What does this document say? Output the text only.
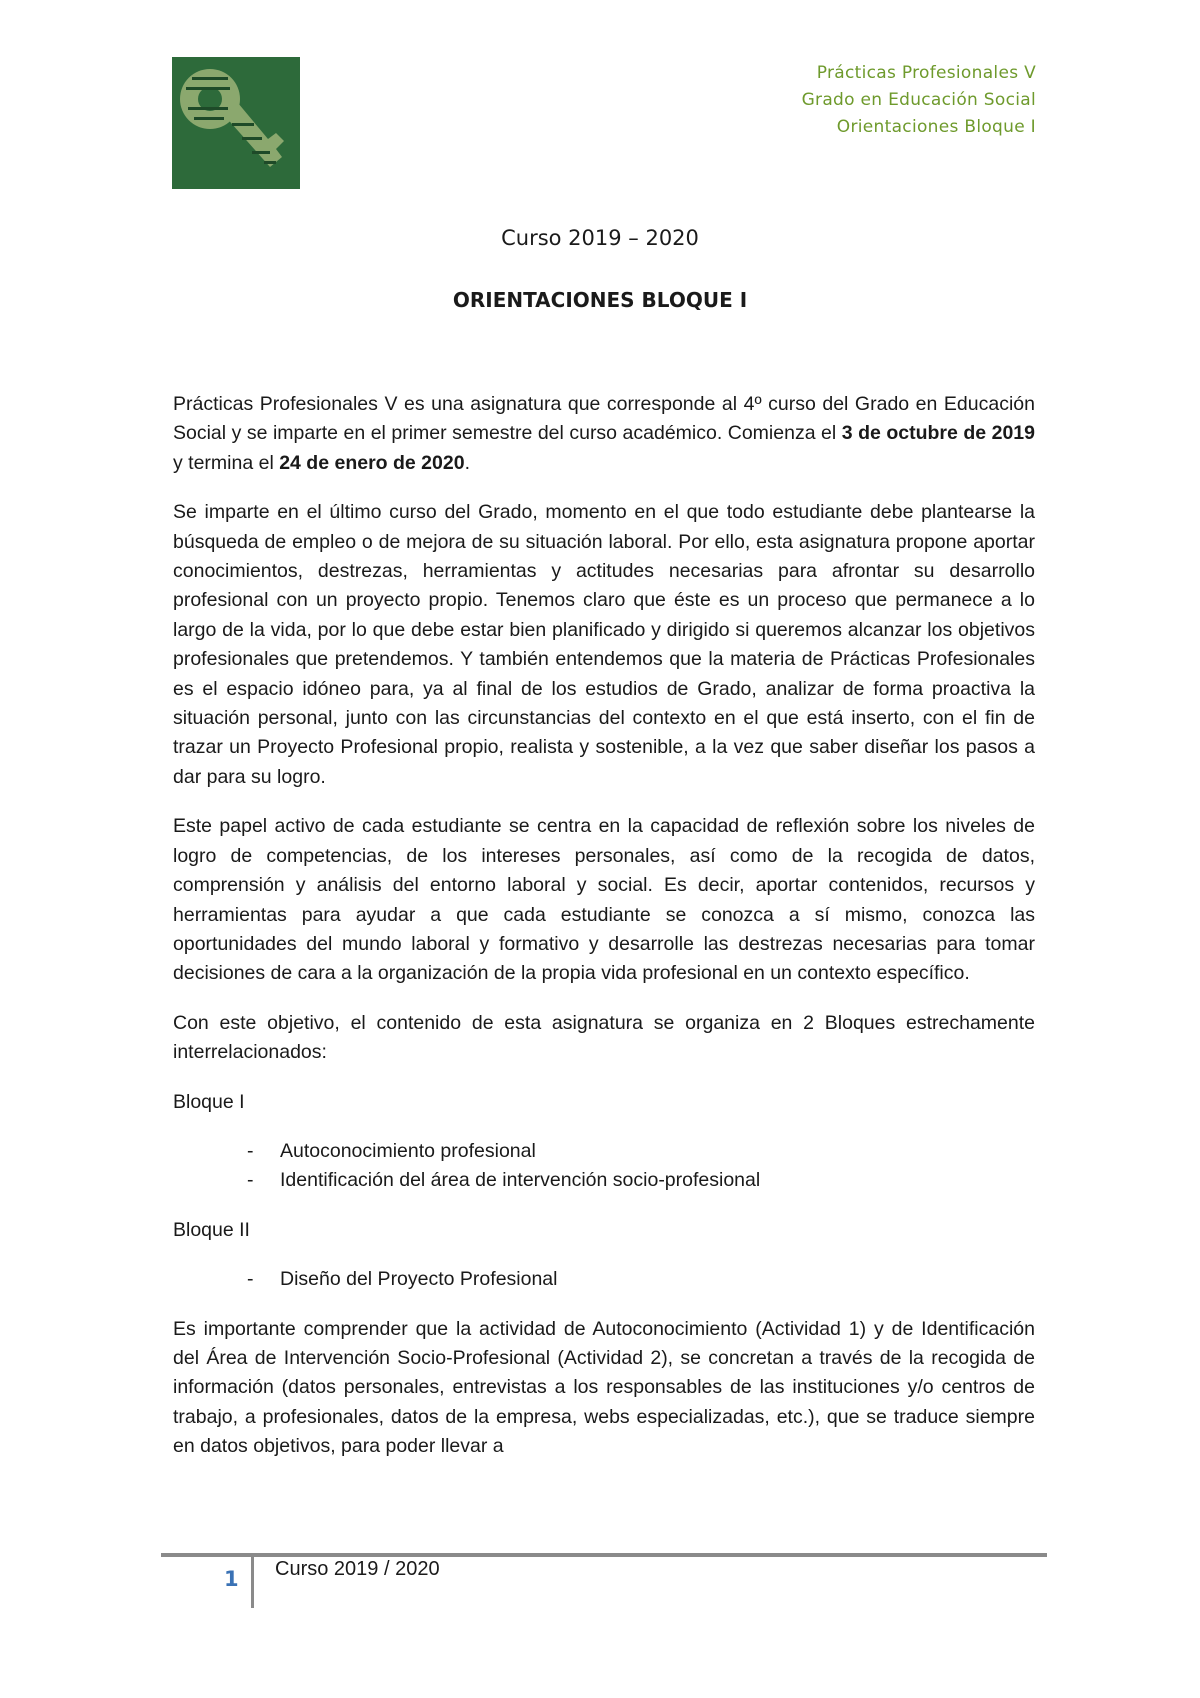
Prácticas Profesionales V
Grado en Educación Social
Orientaciones Bloque I
Curso 2019 – 2020
ORIENTACIONES BLOQUE I

Prácticas Profesionales V es una asignatura que corresponde al 4º curso del Grado en Educación Social y se imparte en el primer semestre del curso académico. Comienza el 3 de octubre de 2019 y termina el 24 de enero de 2020.

Se imparte en el último curso del Grado, momento en el que todo estudiante debe plantearse la búsqueda de empleo o de mejora de su situación laboral. Por ello, esta asignatura propone aportar conocimientos, destrezas, herramientas y actitudes necesarias para afrontar su desarrollo profesional con un proyecto propio. Tenemos claro que éste es un proceso que permanece a lo largo de la vida, por lo que debe estar bien planificado y dirigido si queremos alcanzar los objetivos profesionales que pretendemos. Y también entendemos que la materia de Prácticas Profesionales es el espacio idóneo para, ya al final de los estudios de Grado, analizar de forma proactiva la situación personal, junto con las circunstancias del contexto en el que está inserto, con el fin de trazar un Proyecto Profesional propio, realista y sostenible, a la vez que saber diseñar los pasos a dar para su logro.

Este papel activo de cada estudiante se centra en la capacidad de reflexión sobre los niveles de logro de competencias, de los intereses personales, así como de la recogida de datos, comprensión y análisis del entorno laboral y social. Es decir, aportar contenidos, recursos y herramientas para ayudar a que cada estudiante se conozca a sí mismo, conozca las oportunidades del mundo laboral y formativo y desarrolle las destrezas necesarias para tomar decisiones de cara a la organización de la propia vida profesional en un contexto específico.

Con este objetivo, el contenido de esta asignatura se organiza en 2 Bloques estrechamente interrelacionados:

Bloque I

- Autoconocimiento profesional
- Identificación del área de intervención socio-profesional

Bloque II

- Diseño del Proyecto Profesional

Es importante comprender que la actividad de Autoconocimiento (Actividad 1) y de Identificación del Área de Intervención Socio-Profesional (Actividad 2), se concretan a través de la recogida de información (datos personales, entrevistas a los responsables de las instituciones y/o centros de trabajo, a profesionales, datos de la empresa, webs especializadas, etc.), que se traduce siempre en datos objetivos, para poder llevar a

1 Curso 2019 / 2020
